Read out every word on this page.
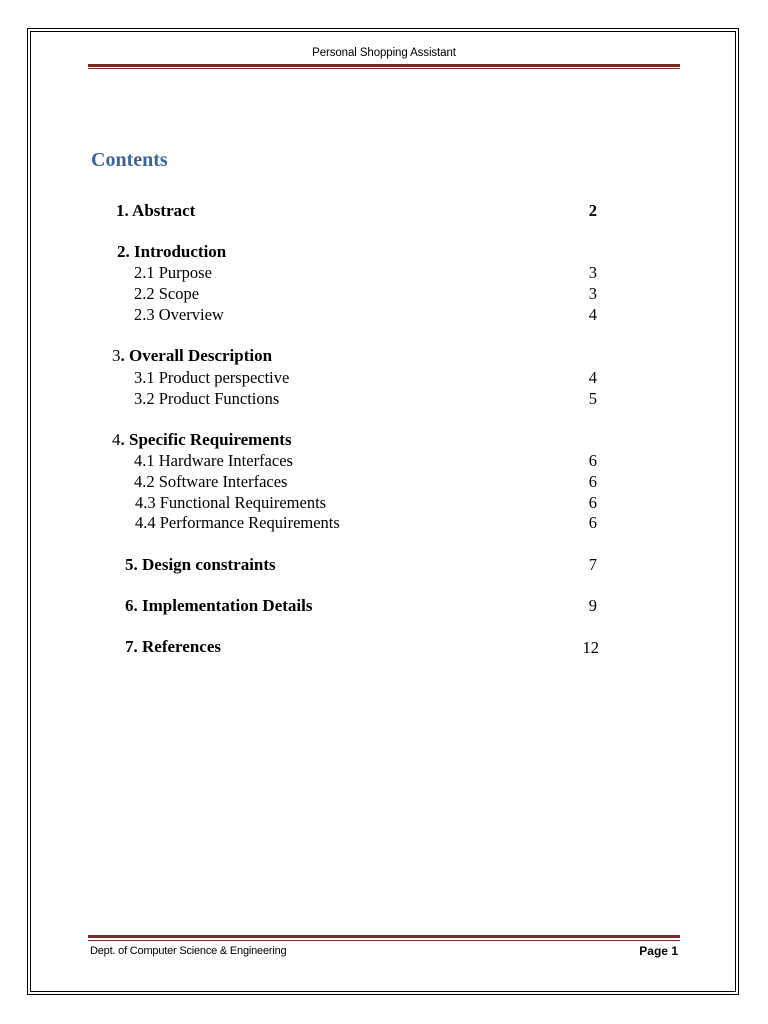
Personal Shopping Assistant
Contents
1. Abstract	2
2. Introduction
2.1 Purpose	3
2.2 Scope	3
2.3 Overview	4
3. Overall Description
3.1 Product perspective	4
3.2 Product Functions	5
4. Specific Requirements
4.1 Hardware Interfaces	6
4.2 Software Interfaces	6
4.3 Functional Requirements	6
4.4 Performance Requirements	6
5. Design constraints	7
6. Implementation Details	9
7. References	12
Dept. of Computer Science & Engineering	Page 1
